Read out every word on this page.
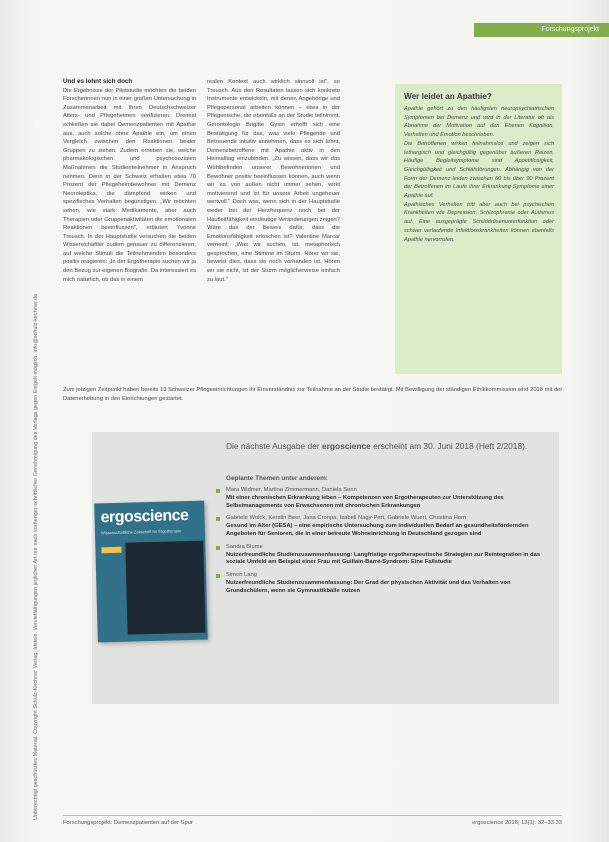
Forschungsprojekt
Unberechtigt geschütztes Material. Copyright Schulz-Kirchner Verlag, Idstein. Vervielfältigungen jeglicher Art nur nach vorheriger schriftlicher Genehmigung des Verlags gegen Entgelt möglich. info@schulz-kirchner.de
Und es lohnt sich doch

Die Ergebnisse der Pilotstudie möchten die beiden Forscherinnen nun in einer großen Untersuchung in Zusammenarbeit mit Ihren Deutschschweizer Alters- und Pflegeheimen verifizieren. Dreimal schließen sie dabei Demenzpatienten mit Apathie aus, auch solche ohne Apathie ein, um einen Vergleich zwischen den Reaktionen beider Gruppen zu ziehen. Zudem erheben sie, welche pharmakologischen und psychosozialen Maßnahmen die Studienteilnehmer in Anspruch nehmen. Denn in der Schweiz erhalten etwa 70 Prozent der Pflegeheimbewohner mit Demenz Neuroleptika, die dämpfend wirken und spezifisches Verhalten begünstigen. „Wir möchten sehen, wie stark Medikamente, aber auch Therapien oder Gruppenaktivitäten die emotionalen Reaktionen beeinflussen", erläutert Yvonne Treusch. In der Hauptstudie versuchen die beiden Wissenschaftler zudem genauer zu differenzieren, auf welche Stimuli die Teilnehmenden besonders positiv reagieren: „In der Ergotherapie suchen wir ja den Bezug zur eigenen Biografie. Da interessiert es mich natürlich, ob das in einem

realen Kontext auch wirklich sinnvoll ist", so Treusch. Aus den Resultaten lassen sich konkrete Instrumente entwickeln, mit denen Angehörige und Pflegepersonal arbeiten können – etwa in der Pflegenische, die ebenfalls an der Studie teilnimmt. Gerontologin Brigitte Gysin erhofft sich eine Bestätigung für das, was viele Pflegende und Betreuende intuitiv annehmen, dass es sich lohnt, Demenzbetroffene mit Apathie aktiv in den Heimalltag einzubinden. „Zu wissen, dass wir das Wohlbefinden unserer Bewohnerinnen und Bewohner positiv beeinflussen können, auch wenn wir es von außen nicht immer sehen, wirkt motivierend und ist für unsere Arbeit ungeheuer wertvoll." Doch was, wenn sich in der Hauptstudie weder bei der Herzfrequenz noch bei der Hautleitfähigkeit eindeutige Veränderungen zeigen? Wäre das der Beweis dafür, dass die Emotionsfähigkeit erloschen ist? Valentine Marcar verneint: „Was wir suchen, ist, metaphorisch gesprochen, eine Stimme im Sturm. Hörer wir sie, beweist dies, dass sie noch vorhanden ist. Hören wir sie nicht, ist der Sturm möglicherweise einfach zu laut."

Wer leidet an Apathie?

Apathie gehört zu den häufigsten neuropsychiatrischen Symptomen bei Demenz und wird in der Literatur oft als Abnahme der Motivation auf den Ebenen Kognition, Verhalten und Emotion beschrieben.

Die Betroffenen wirken teilnahmslos und zeigen sich lethargisch und gleichgültig gegenüber äußeren Reizen. Häufige Begleitsymptome sind Appetitlosigkeit, Gleichgültigkeit und Schlafstörungen. Abhängig von der Form der Demenz leiden zwischen 60 bis über 90 Prozent der Betroffenen im Laufe ihrer Erkrankung Symptome einer Apathie auf.

Apathisches Verhalten tritt aber auch bei psychischen Krankheiten wie Depression, Schizophrenie oder Autismus auf. Eine ausgeprägte Schilddrüsenunterfunktion oder schwer verlaufende Infektionskrankheiten können ebenfalls Apathie hervorrufen.

Zum jetzigen Zeitpunkt haben bereits 13 Schweizer Pflegeeinrichtungen ihr Einverständnis zur Teilnahme an der Studie bestätigt. Mit Bewilligung der ständigen Ethikkommission wird 2018 mit der Datenerhebung in den Einrichtungen gestartet.
Die nächste Ausgabe der ergoscience erscheint am 30. Juni 2018 (Heft 2/2018).
Geplante Themen unter anderem:
ergoscience
Wissenschaftliche Zeitschrift für Ergotherapie
Mara Widmer, Martina Zimmermann, Daniela Senn
Mit einer chronischen Erkrankung leben – Kompetenzen von Ergotherapeuten zur Unterstützung des Selbstmanagements von Erwachsenen mit chronischen Erkrankungen
Gabriele Wolck, Kerstin Beer, Jana Cronpa, Isabell Nagy-Pert, Gabriele Wuerl, Christina Horn
Gesund im Alter (GESA) – eine empirische Untersuchung zum individuellen Bedarf an gesundheitsfördernden Angeboten für Senioren, die in einer betreute Wohneinrichtung in Deutschland gezogen sind
Sandra Blume
Nutzerfreundliche Studienzusammenfassung: Langfristige ergotherapeutische Strategien zur Reintegration in das soziale Umfeld am Beispiel einer Frau mit Guillain-Barré-Syndrom: Eine Fallstudie
Simon Lang
Nutzerfreundliche Studienzusammenfassung: Der Grad der physischen Aktivität und das Verhalten von Grundschülern, wenn sie Gymnastikbälle nutzen
Forschungsprojekt: Demenzpatienten auf der Spur	ergoscience 2018; 13(1): 32–33 33
